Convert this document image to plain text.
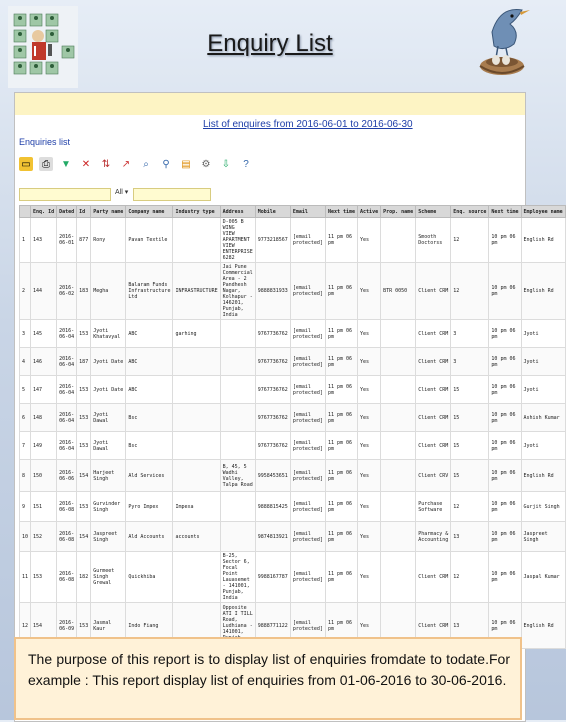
Enquiry List
List of enquires from 2016-06-01 to 2016-06-30
Enquiries list
▭	⎙	▼ ✕ ⇅ ↗	⌕	⚲	▤ ⚙ ⇩	?
All ▾
	Enq. Id	Dated	Id	Party name	Company name	Industry type	Address	Mobile	Email	Next time	Active	Prop. name	Scheme	Enq. source	Next time	Employee name
1	143	2016-06-01	877	Rony	Pavan Textile		D-005 B WING
VIEW APARTMENT
VIEW ENTERPRISE
6282	9773218567	[email protected]	11 pm 06
pm	Yes		Smooth Doctorss	12	10 pm 06
pm	English Rd
2	144	2016-06-02	183	Megha	Balaram Funds Infrastructure Ltd	INFRASTRUCTURE	Jai Pune Commercial Area - 2 Pandhesh Nagar, Kolhapur - 146201, Punjab, India	9888831933	[email protected]	11 pm 06
pm	Yes	BTR 0050	Client CRM	12	10 pm 06
pm	English Rd
3	145	2016-06-04	153	Jyoti Khatavyal	ABC	garhing		9767736762	[email protected]	11 pm 06
pm	Yes		Client CRM	3	10 pm 06
pm	Jyoti
4	146	2016-06-04	187	Jyoti Date	ABC			9767736762	[email protected]	11 pm 06
pm	Yes		Client CRM	3	10 pm 06
pm	Jyoti
5	147	2016-06-04	153	Jyoti Date	ABC			9767736762	[email protected]	11 pm 06
pm	Yes		Client CRM	15	10 pm 06
pm	Jyoti
6	148	2016-06-04	153	Jyoti Dawal	Bsc			9767736762	[email protected]	11 pm 06
pm	Yes		Client CRM	15	10 pm 06
pm	Ashish Kumar
7	149	2016-06-04	153	Jyoti Dawal	Bsc			9767736762	[email protected]	11 pm 06
pm	Yes		Client CRM	15	10 pm 06
pm	Jyoti
8	150	2016-06-06	154	Harjeet Singh	Ald Services		B, 45, 5 Wadhi Valley, Talpa Road	9958453651	[email protected]	11 pm 06
pm	Yes		Client CRV	15	10 pm 06
pm	English Rd
9	151	2016-06-08	153	Gurvinder Singh	Pyro Impex	Impexa		9888815425	[email protected]	11 pm 06
pm	Yes		Purchase Software	12	10 pm 06
pm	Gurjit Singh
10	152	2016-06-08	154	Jaspreet Singh	Ald Accounts	accounts		9874813921	[email protected]	11 pm 06
pm	Yes		Pharmacy & Accounting	13	10 pm 06
pm	Jaspreet Singh
11	153	2016-06-08	182	Gurmeet Singh Grewal	Quickhiba		B-25, Sector 6, Focal Point Lauasemet - 141001, Punjab, India	9988167787	[email protected]	11 pm 06
pm	Yes		Client CRM	12	10 pm 06
pm	Jaspal Kumar
12	154	2016-06-09	153	Jasmal Kaur	Indo Fiang		Opposite ATI I TILL Road, Ludhiana - 141001,	9888771122	[email protected]	11 pm 06
pm	Yes		Client CRM	13	10 pm 06
pm	English Rd
The purpose of this report is to display list of enquiries fromdate to todate.For example : This report display list of enquiries from 01-06-2016 to 30-06-2016.
